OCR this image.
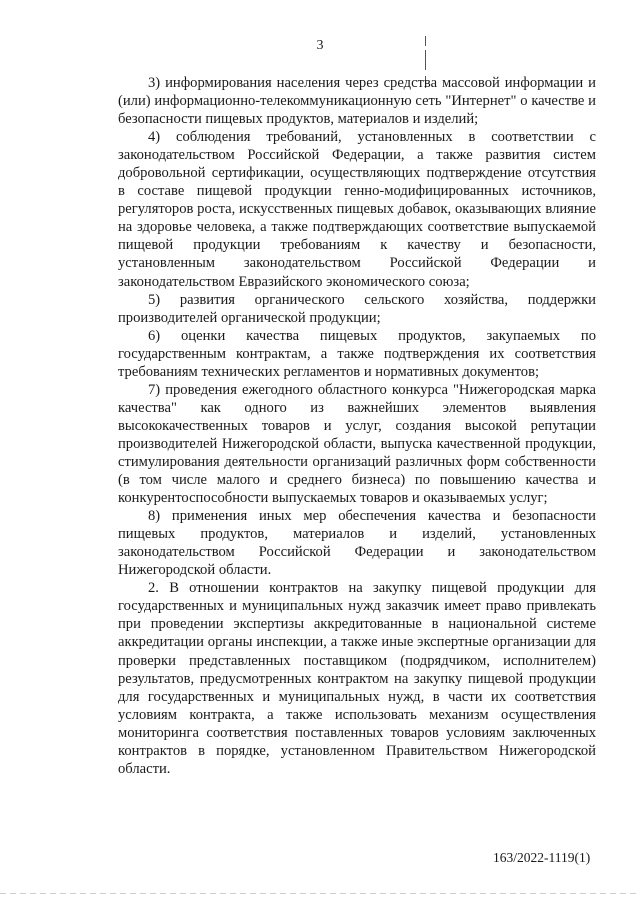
3

3) информирования населения через средства массовой информации и (или) информационно-телекоммуникационную сеть "Интернет" о качестве и безопасности пищевых продуктов, материалов и изделий;

4) соблюдения требований, установленных в соответствии с законодательством Российской Федерации, а также развития систем добровольной сертификации, осуществляющих подтверждение отсутствия в составе пищевой продукции генно-модифицированных источников, регуляторов роста, искусственных пищевых добавок, оказывающих влияние на здоровье человека, а также подтверждающих соответствие выпускаемой пищевой продукции требованиям к качеству и безопасности, установленным законодательством Российской Федерации и законодательством Евразийского экономического союза;

5) развития органического сельского хозяйства, поддержки производителей органической продукции;

6) оценки качества пищевых продуктов, закупаемых по государственным контрактам, а также подтверждения их соответствия требованиям технических регламентов и нормативных документов;

7) проведения ежегодного областного конкурса "Нижегородская марка качества" как одного из важнейших элементов выявления высококачественных товаров и услуг, создания высокой репутации производителей Нижегородской области, выпуска качественной продукции, стимулирования деятельности организаций различных форм собственности (в том числе малого и среднего бизнеса) по повышению качества и конкурентоспособности выпускаемых товаров и оказываемых услуг;

8) применения иных мер обеспечения качества и безопасности пищевых продуктов, материалов и изделий, установленных законодательством Российской Федерации и законодательством Нижегородской области.

2. В отношении контрактов на закупку пищевой продукции для государственных и муниципальных нужд заказчик имеет право привлекать при проведении экспертизы аккредитованные в национальной системе аккредитации органы инспекции, а также иные экспертные организации для проверки представленных поставщиком (подрядчиком, исполнителем) результатов, предусмотренных контрактом на закупку пищевой продукции для государственных и муниципальных нужд, в части их соответствия условиям контракта, а также использовать механизм осуществления мониторинга соответствия поставленных товаров условиям заключенных контрактов в порядке, установленном Правительством Нижегородской области.

163/2022-1119(1)
